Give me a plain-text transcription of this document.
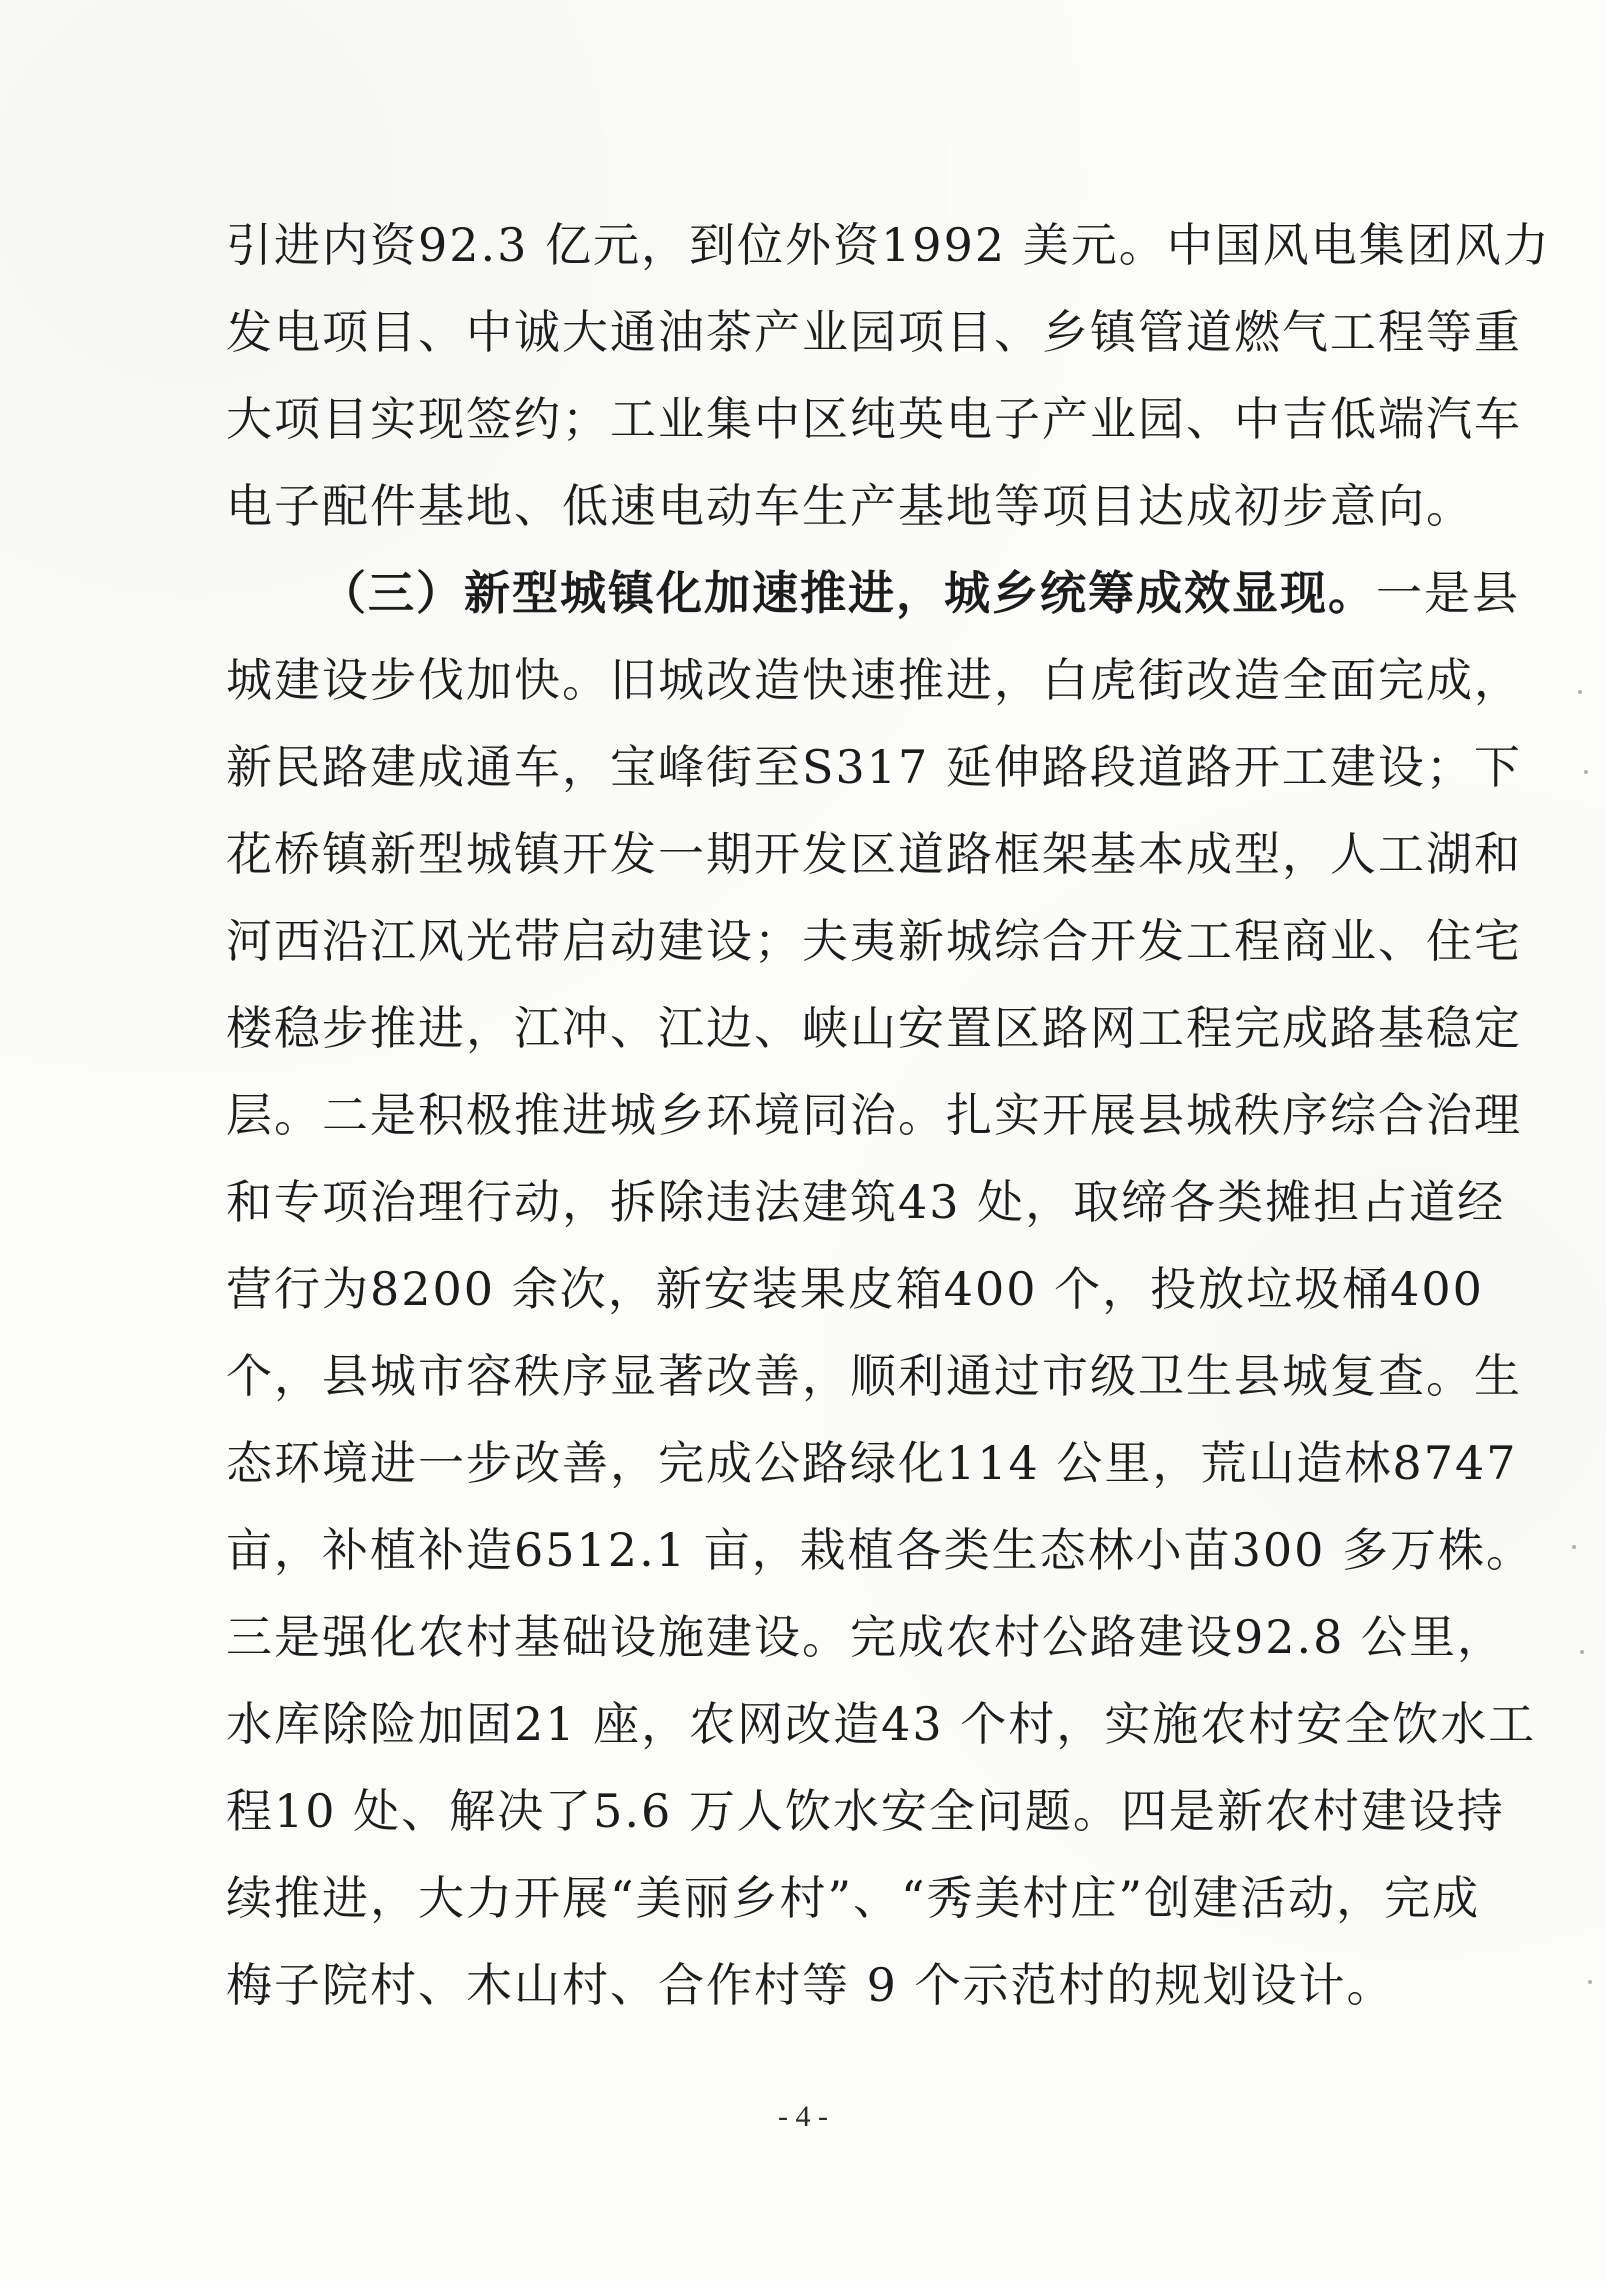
引进内资92.3 亿元，到位外资1992 美元。中国风电集团风力
发电项目、中诚大通油茶产业园项目、乡镇管道燃气工程等重
大项目实现签约；工业集中区纯英电子产业园、中吉低端汽车
电子配件基地、低速电动车生产基地等项目达成初步意向。
（三）新型城镇化加速推进，城乡统筹成效显现。一是县
城建设步伐加快。旧城改造快速推进，白虎街改造全面完成，
新民路建成通车，宝峰街至S317 延伸路段道路开工建设；下
花桥镇新型城镇开发一期开发区道路框架基本成型，人工湖和
河西沿江风光带启动建设；夫夷新城综合开发工程商业、住宅
楼稳步推进，江冲、江边、峡山安置区路网工程完成路基稳定
层。二是积极推进城乡环境同治。扎实开展县城秩序综合治理
和专项治理行动，拆除违法建筑43 处，取缔各类摊担占道经
营行为8200 余次，新安装果皮箱400 个，投放垃圾桶400
个，县城市容秩序显著改善，顺利通过市级卫生县城复查。生
态环境进一步改善，完成公路绿化114 公里，荒山造林8747
亩，补植补造6512.1 亩，栽植各类生态林小苗300 多万株。
三是强化农村基础设施建设。完成农村公路建设92.8 公里，
水库除险加固21 座，农网改造43 个村，实施农村安全饮水工
程10 处、解决了5.6 万人饮水安全问题。四是新农村建设持
续推进，大力开展“美丽乡村”、“秀美村庄”创建活动，完成
梅子院村、木山村、合作村等 9 个示范村的规划设计。
- 4 -
